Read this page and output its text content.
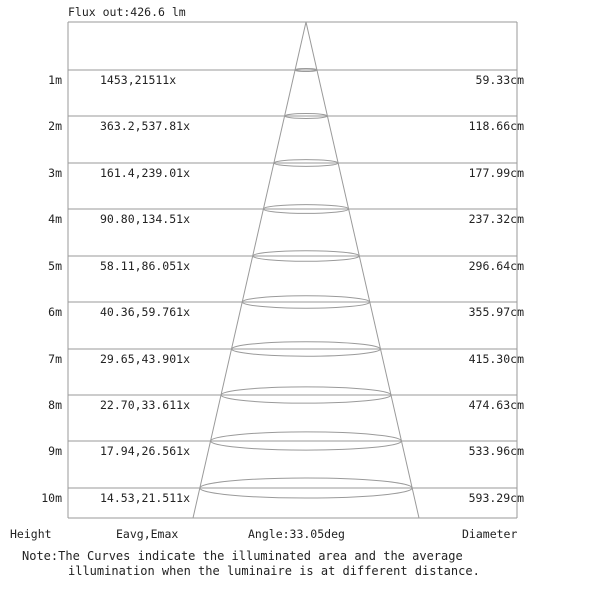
Flux out:426.6 lm
1m	1453,21511x	59.33cm
2m	363.2,537.81x	118.66cm
3m	161.4,239.01x	177.99cm
4m	90.80,134.51x	237.32cm
5m	58.11,86.051x	296.64cm
6m	40.36,59.761x	355.97cm
7m	29.65,43.901x	415.30cm
8m	22.70,33.611x	474.63cm
9m	17.94,26.561x	533.96cm
10m	14.53,21.511x	593.29cm
Height	Eavg,Emax	Angle:33.05deg	Diameter
Note:The Curves indicate the illuminated area and the average
illumination when the luminaire is at different distance.
